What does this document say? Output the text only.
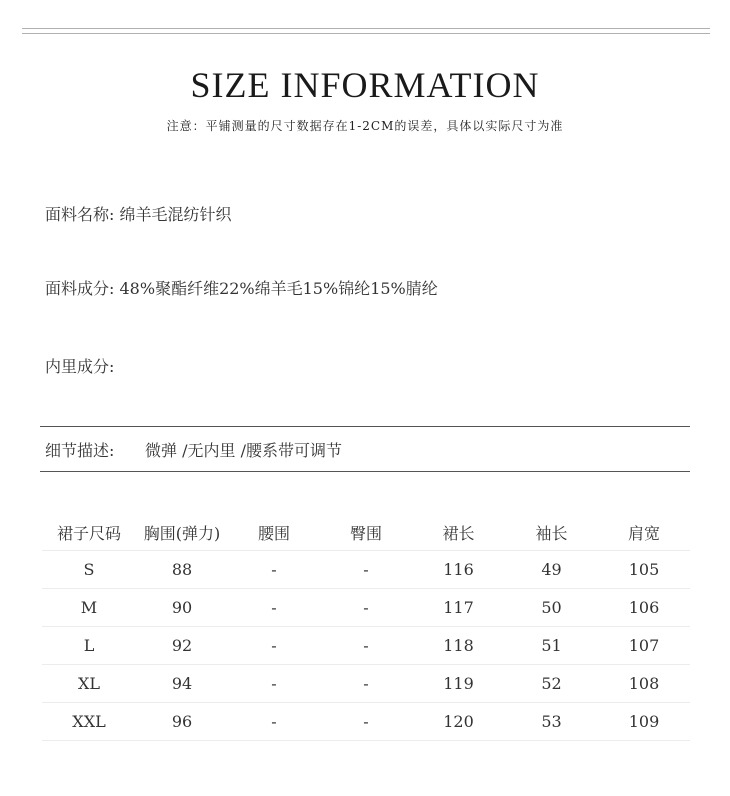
SIZE INFORMATION
注意：平铺测量的尺寸数据存在1-2CM的误差，具体以实际尺寸为准
面料名称: 绵羊毛混纺针织
面料成分: 48%聚酯纤维22%绵羊毛15%锦纶15%腈纶
内里成分:
细节描述: 微弹 /无内里 /腰系带可调节
裙子尺码	胸围(弹力)	腰围	臀围	裙长	袖长	肩宽
S	88	-	-	116	49	105
M	90	-	-	117	50	106
L	92	-	-	118	51	107
XL	94	-	-	119	52	108
XXL	96	-	-	120	53	109
